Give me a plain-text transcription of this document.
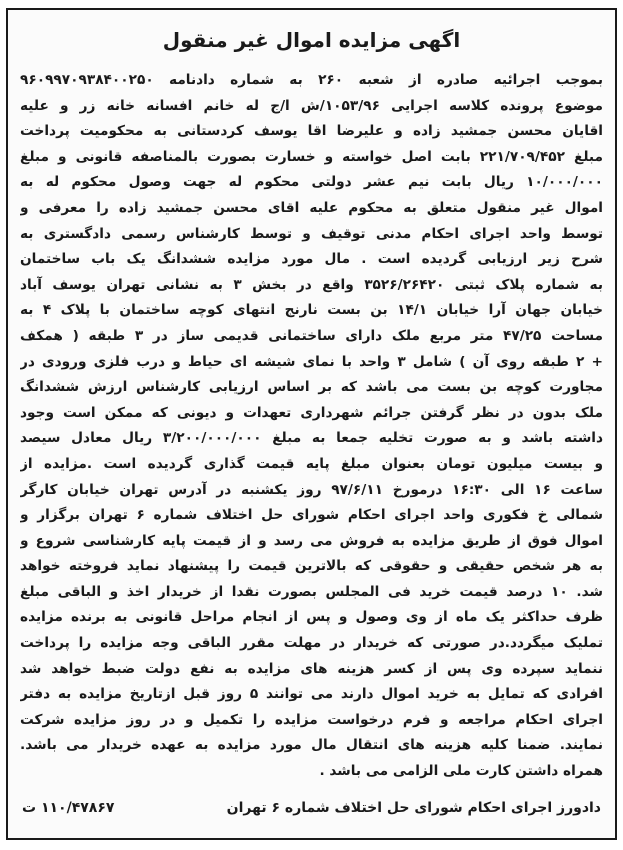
اگهی مزایده اموال غیر منقول
بموجب اجرائیه صادره از شعبه ۲۶۰ به شماره دادنامه ۹۶۰۹۹۷۰۹۳۸۴۰۰۲۵۰
موضوع پرونده کلاسه اجرایی ۱۰۵۳/۹۶/ش ا/ج له خانم افسانه خانه زر و علیه
اقایان محسن جمشید زاده و علیرضا اقا یوسف کردستانی به محکومیت پرداخت
مبلغ ۲۲۱/۷۰۹/۴۵۲ بابت اصل خواسته و خسارت بصورت بالمناصفه قانونی و مبلغ
۱۰/۰۰۰/۰۰۰ ریال بابت نیم عشر دولتی محکوم له جهت وصول محکوم له به
اموال غیر منقول متعلق به محکوم علیه اقای محسن جمشید زاده را معرفی و
توسط واحد اجرای احکام مدنی توقیف و توسط کارشناس رسمی دادگستری به
شرح زیر ارزیابی گردیده است . مال مورد مزایده ششدانگ یک باب ساختمان
به شماره پلاک ثبتی ۳۵۲۶/۲۶۴۲۰ واقع در بخش ۳ به نشانی تهران یوسف آباد
خیابان جهان آرا خیابان ۱۴/۱ بن بست نارنج انتهای کوچه ساختمان با پلاک ۴ به
مساحت ۴۷/۲۵ متر مربع ملک دارای ساختمانی قدیمی ساز در ۳ طبقه ( همکف
+ ۲ طبقه روی آن ) شامل ۳ واحد با نمای شیشه ای حیاط و درب فلزی ورودی در
مجاورت کوچه بن بست می باشد که بر اساس ارزیابی کارشناس ارزش ششدانگ
ملک بدون در نظر گرفتن جرائم شهرداری تعهدات و دیونی که ممکن است وجود
داشته باشد و به صورت تخلیه جمعا به مبلغ ۳/۲۰۰/۰۰۰/۰۰۰ ریال معادل سیصد
و بیست میلیون تومان بعنوان مبلغ پایه قیمت گذاری گردیده است .مزایده از
ساعت ۱۶ الی ۱۶:۳۰ درمورخ ۹۷/۶/۱۱ روز یکشنبه در آدرس تهران خیابان کارگر
شمالی خ فکوری واحد اجرای احکام شورای حل اختلاف شماره ۶ تهران برگزار و
اموال فوق از طریق مزایده به فروش می رسد و از قیمت پایه کارشناسی شروع و
به هر شخص حقیقی و حقوقی که بالاترین قیمت را پیشنهاد نماید فروخته خواهد
شد. ۱۰ درصد قیمت خرید فی المجلس بصورت نقدا از خریدار اخذ و الباقی مبلغ
ظرف حداکثر یک ماه از وی وصول و پس از انجام مراحل قانونی به برنده مزایده
تملیک میگردد.در صورتی که خریدار در مهلت مقرر الباقی وجه مزایده را پرداخت
ننماید سپرده وی پس از کسر هزینه های مزایده به نفع دولت ضبط خواهد شد
افرادی که تمایل به خرید اموال دارند می توانند ۵ روز قبل ازتاریخ مزایده به دفتر
اجرای احکام مراجعه و فرم درخواست مزایده را تکمیل و در روز مزایده شرکت
نمایند. ضمنا کلیه هزینه های انتقال مال مورد مزایده به عهده خریدار می باشد.
همراه داشتن کارت ملی الزامی می باشد .
دادورز اجرای احکام شورای حل اختلاف شماره ۶ تهران
۱۱۰/۴۷۸۶۷ ت
